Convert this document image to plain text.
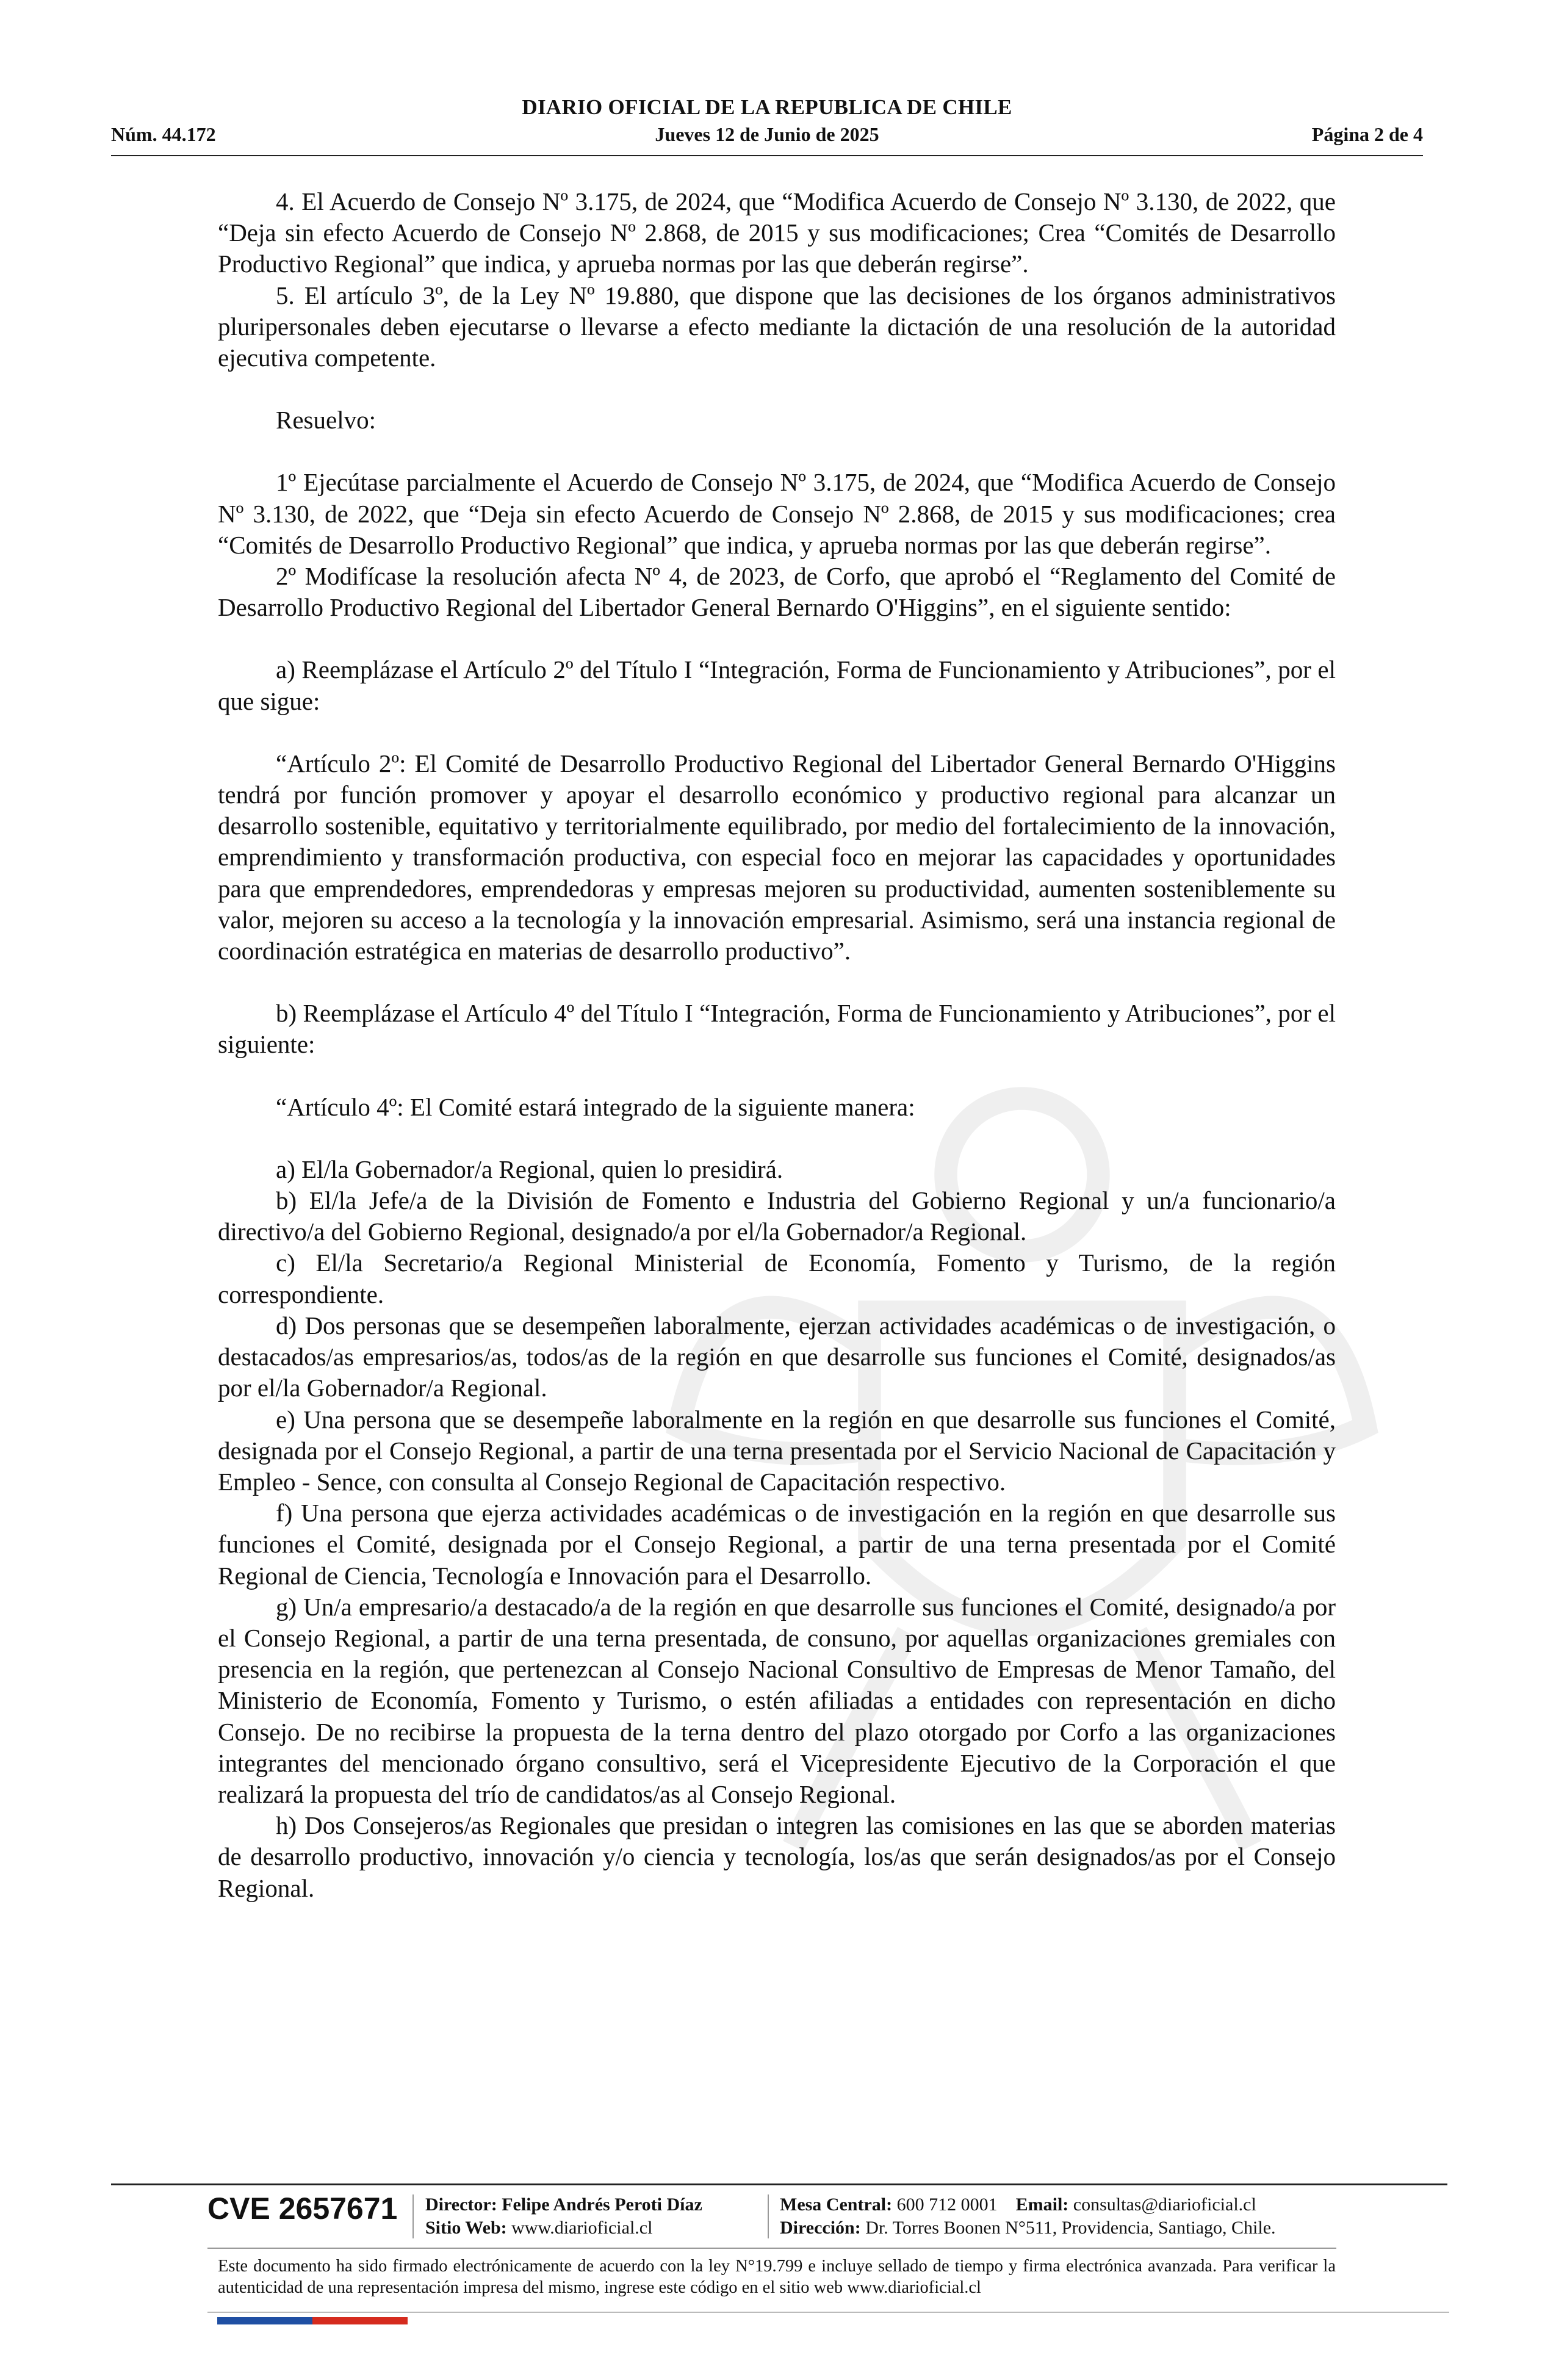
DIARIO OFICIAL DE LA REPUBLICA DE CHILE
Núm. 44.172	Jueves 12 de Junio de 2025	Página 2 de 4

4. El Acuerdo de Consejo Nº 3.175, de 2024, que “Modifica Acuerdo de Consejo Nº 3.130, de 2022, que “Deja sin efecto Acuerdo de Consejo Nº 2.868, de 2015 y sus modificaciones; Crea “Comités de Desarrollo Productivo Regional” que indica, y aprueba normas por las que deberán regirse”.

5. El artículo 3º, de la Ley Nº 19.880, que dispone que las decisiones de los órganos administrativos pluripersonales deben ejecutarse o llevarse a efecto mediante la dictación de una resolución de la autoridad ejecutiva competente.

Resuelvo:

1º Ejecútase parcialmente el Acuerdo de Consejo Nº 3.175, de 2024, que “Modifica Acuerdo de Consejo Nº 3.130, de 2022, que “Deja sin efecto Acuerdo de Consejo Nº 2.868, de 2015 y sus modificaciones; crea “Comités de Desarrollo Productivo Regional” que indica, y aprueba normas por las que deberán regirse”.

2º Modifícase la resolución afecta Nº 4, de 2023, de Corfo, que aprobó el “Reglamento del Comité de Desarrollo Productivo Regional del Libertador General Bernardo O'Higgins”, en el siguiente sentido:

a) Reemplázase el Artículo 2º del Título I “Integración, Forma de Funcionamiento y Atribuciones”, por el que sigue:

“Artículo 2º: El Comité de Desarrollo Productivo Regional del Libertador General Bernardo O'Higgins tendrá por función promover y apoyar el desarrollo económico y productivo regional para alcanzar un desarrollo sostenible, equitativo y territorialmente equilibrado, por medio del fortalecimiento de la innovación, emprendimiento y transformación productiva, con especial foco en mejorar las capacidades y oportunidades para que emprendedores, emprendedoras y empresas mejoren su productividad, aumenten sosteniblemente su valor, mejoren su acceso a la tecnología y la innovación empresarial. Asimismo, será una instancia regional de coordinación estratégica en materias de desarrollo productivo”.

b) Reemplázase el Artículo 4º del Título I “Integración, Forma de Funcionamiento y Atribuciones”, por el siguiente:

“Artículo 4º: El Comité estará integrado de la siguiente manera:

a) El/la Gobernador/a Regional, quien lo presidirá.

b) El/la Jefe/a de la División de Fomento e Industria del Gobierno Regional y un/a funcionario/a directivo/a del Gobierno Regional, designado/a por el/la Gobernador/a Regional.

c) El/la Secretario/a Regional Ministerial de Economía, Fomento y Turismo, de la región correspondiente.

d) Dos personas que se desempeñen laboralmente, ejerzan actividades académicas o de investigación, o destacados/as empresarios/as, todos/as de la región en que desarrolle sus funciones el Comité, designados/as por el/la Gobernador/a Regional.

e) Una persona que se desempeñe laboralmente en la región en que desarrolle sus funciones el Comité, designada por el Consejo Regional, a partir de una terna presentada por el Servicio Nacional de Capacitación y Empleo - Sence, con consulta al Consejo Regional de Capacitación respectivo.

f) Una persona que ejerza actividades académicas o de investigación en la región en que desarrolle sus funciones el Comité, designada por el Consejo Regional, a partir de una terna presentada por el Comité Regional de Ciencia, Tecnología e Innovación para el Desarrollo.

g) Un/a empresario/a destacado/a de la región en que desarrolle sus funciones el Comité, designado/a por el Consejo Regional, a partir de una terna presentada, de consuno, por aquellas organizaciones gremiales con presencia en la región, que pertenezcan al Consejo Nacional Consultivo de Empresas de Menor Tamaño, del Ministerio de Economía, Fomento y Turismo, o estén afiliadas a entidades con representación en dicho Consejo. De no recibirse la propuesta de la terna dentro del plazo otorgado por Corfo a las organizaciones integrantes del mencionado órgano consultivo, será el Vicepresidente Ejecutivo de la Corporación el que realizará la propuesta del trío de candidatos/as al Consejo Regional.

h) Dos Consejeros/as Regionales que presidan o integren las comisiones en las que se aborden materias de desarrollo productivo, innovación y/o ciencia y tecnología, los/as que serán designados/as por el Consejo Regional.

CVE 2657671 Director: Felipe Andrés Peroti Díaz
Sitio Web: www.diarioficial.cl
Mesa Central: 600 712 0001 Email: consultas@diarioficial.cl
Dirección: Dr. Torres Boonen N°511, Providencia, Santiago, Chile.
Este documento ha sido firmado electrónicamente de acuerdo con la ley N°19.799 e incluye sellado de tiempo y firma electrónica avanzada. Para verificar la autenticidad de una representación impresa del mismo, ingrese este código en el sitio web www.diarioficial.cl
